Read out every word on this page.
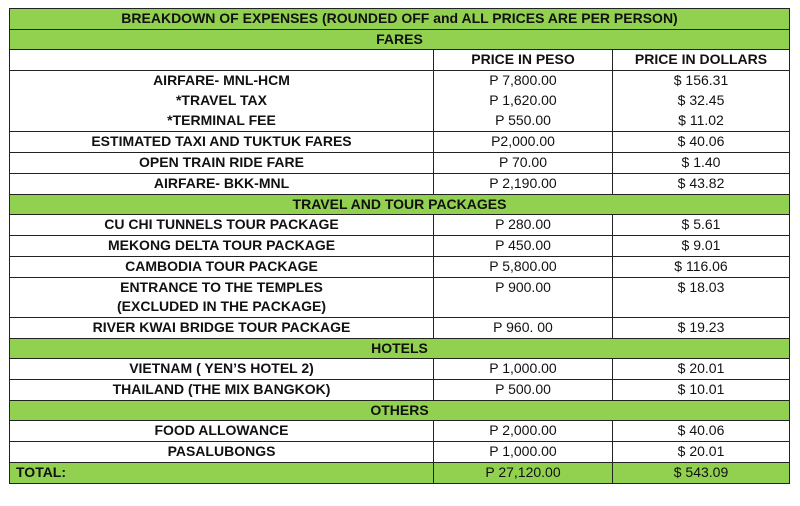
BREAKDOWN OF EXPENSES (ROUNDED OFF and ALL PRICES ARE PER PERSON)		
FARES		
	PRICE IN PESO	PRICE IN DOLLARS
AIRFARE- MNL-HCM	P 7,800.00	$ 156.31
*TRAVEL TAX	P 1,620.00	$ 32.45
*TERMINAL FEE	P 550.00	$ 11.02
ESTIMATED TAXI AND TUKTUK FARES	P2,000.00	$ 40.06
OPEN TRAIN RIDE FARE	P 70.00	$ 1.40
AIRFARE- BKK-MNL	P 2,190.00	$ 43.82
TRAVEL AND TOUR PACKAGES		
CU CHI TUNNELS TOUR PACKAGE	P 280.00	$ 5.61
MEKONG DELTA TOUR PACKAGE	P 450.00	$ 9.01
CAMBODIA TOUR PACKAGE	P 5,800.00	$ 116.06

ENTRANCE TO THE TEMPLES
(EXCLUDED IN THE PACKAGE)	P 900.00	$ 18.03
RIVER KWAI BRIDGE TOUR PACKAGE	P 960. 00	$ 19.23
HOTELS		
VIETNAM ( YEN’S HOTEL 2)	P 1,000.00	$ 20.01
THAILAND (THE MIX BANGKOK)	P 500.00	$ 10.01
OTHERS		
FOOD ALLOWANCE	P 2,000.00	$ 40.06
PASALUBONGS	P 1,000.00	$ 20.01
TOTAL:	P 27,120.00	$ 543.09
